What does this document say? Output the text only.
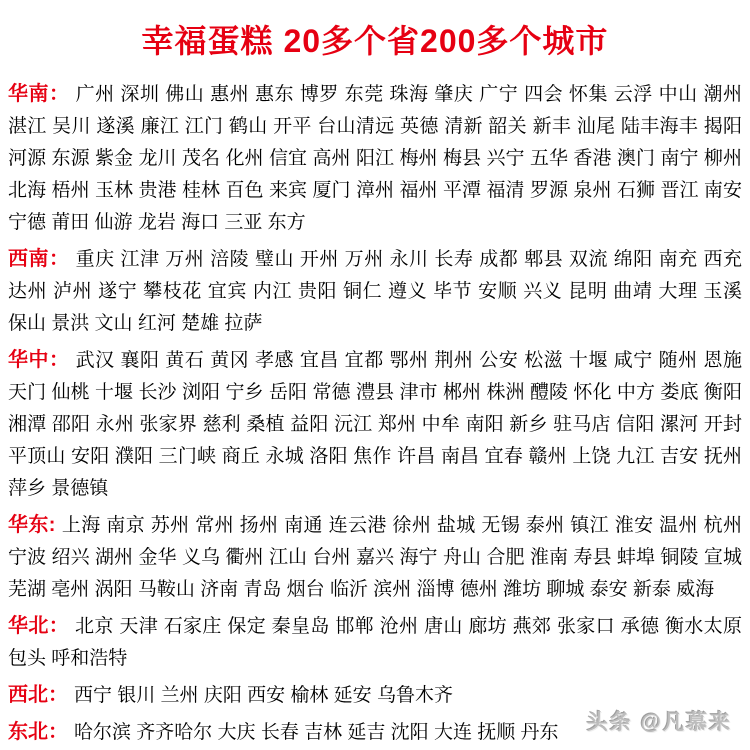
幸福蛋糕 20多个省200多个城市

华南： 广州 深圳 佛山 惠州 惠东 博罗 东莞 珠海 肇庆 广宁 四会 怀集 云浮 中山 潮州 湛江 吴川 遂溪 廉江 江门 鹤山 开平 台山清远 英德 清新 韶关 新丰 汕尾 陆丰海丰 揭阳 河源 东源 紫金 龙川 茂名 化州 信宜 高州 阳江 梅州 梅县 兴宁 五华 香港 澳门 南宁 柳州 北海 梧州 玉林 贵港 桂林 百色 来宾 厦门 漳州 福州 平潭 福清 罗源 泉州 石狮 晋江 南安 宁德 莆田 仙游 龙岩 海口 三亚 东方

西南： 重庆 江津 万州 涪陵 璧山 开州 万州 永川 长寿 成都 郫县 双流 绵阳 南充 西充 达州 泸州 遂宁 攀枝花 宜宾 内江 贵阳 铜仁 遵义 毕节 安顺 兴义 昆明 曲靖 大理 玉溪 保山 景洪 文山 红河 楚雄 拉萨

华中： 武汉 襄阳 黄石 黄冈 孝感 宜昌 宜都 鄂州 荆州 公安 松滋 十堰 咸宁 随州 恩施 天门 仙桃 十堰 长沙 浏阳 宁乡 岳阳 常德 澧县 津市 郴州 株洲 醴陵 怀化 中方 娄底 衡阳 湘潭 邵阳 永州 张家界 慈利 桑植 益阳 沅江 郑州 中牟 南阳 新乡 驻马店 信阳 漯河 开封 平顶山 安阳 濮阳 三门峡 商丘 永城 洛阳 焦作 许昌 南昌 宜春 赣州 上饶 九江 吉安 抚州 萍乡 景德镇

华东: 上海 南京 苏州 常州 扬州 南通 连云港 徐州 盐城 无锡 泰州 镇江 淮安 温州 杭州 宁波 绍兴 湖州 金华 义乌 衢州 江山 台州 嘉兴 海宁 舟山 合肥 淮南 寿县 蚌埠 铜陵 宣城 芜湖 亳州 涡阳 马鞍山 济南 青岛 烟台 临沂 滨州 淄博 德州 潍坊 聊城 泰安 新泰 威海

华北： 北京 天津 石家庄 保定 秦皇岛 邯郸 沧州 唐山 廊坊 燕郊 张家口 承德 衡水太原 包头 呼和浩特

西北： 西宁 银川 兰州 庆阳 西安 榆林 延安 乌鲁木齐

东北： 哈尔滨 齐齐哈尔 大庆 长春 吉林 延吉 沈阳 大连 抚顺 丹东	头条 @凡慕来
